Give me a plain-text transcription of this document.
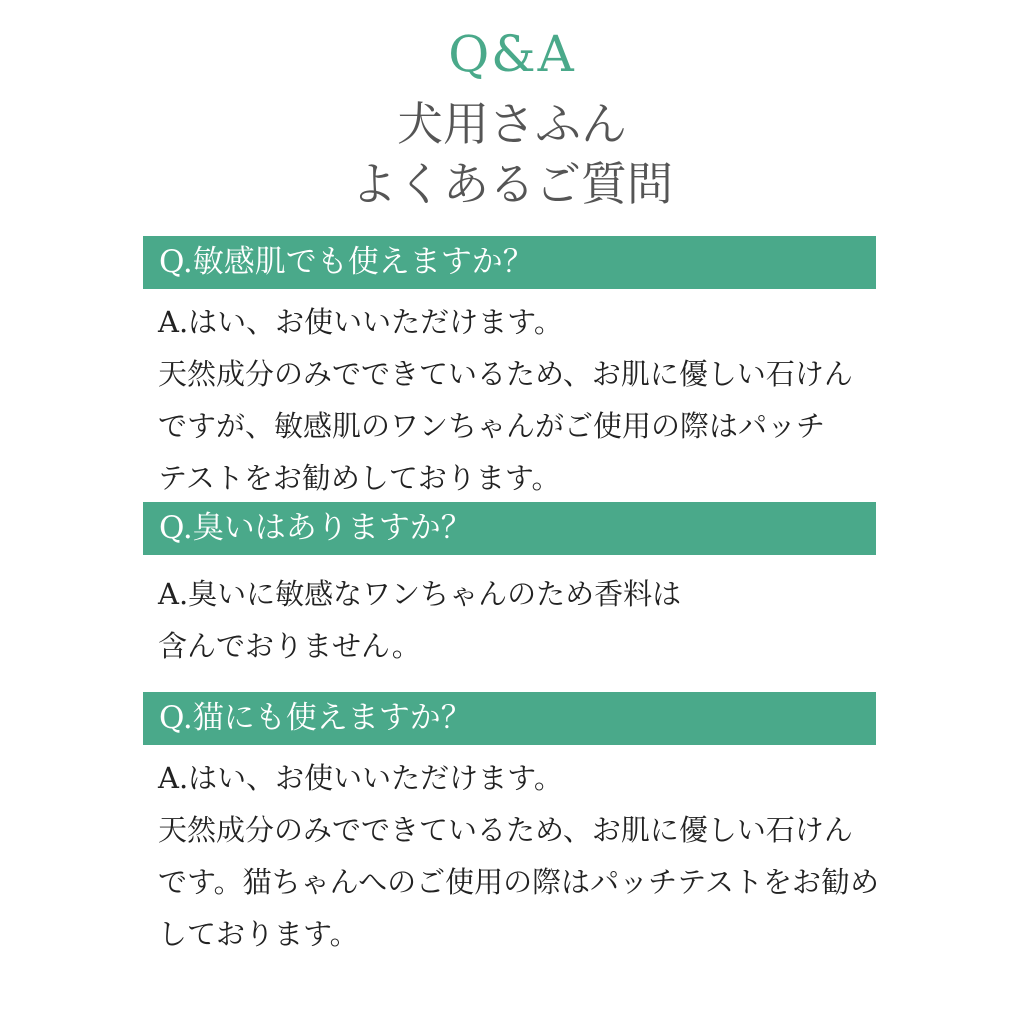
Q&A
犬用さふん
よくあるご質問
Q.敏感肌でも使えますか？
A.はい、お使いいただけます。
天然成分のみでできているため、お肌に優しい石けん
ですが、敏感肌のワンちゃんがご使用の際はパッチ
テストをお勧めしております。
Q.臭いはありますか？
A.臭いに敏感なワンちゃんのため香料は
含んでおりません。
Q.猫にも使えますか？
A.はい、お使いいただけます。
天然成分のみでできているため、お肌に優しい石けん
です。猫ちゃんへのご使用の際はパッチテストをお勧め
しております。
